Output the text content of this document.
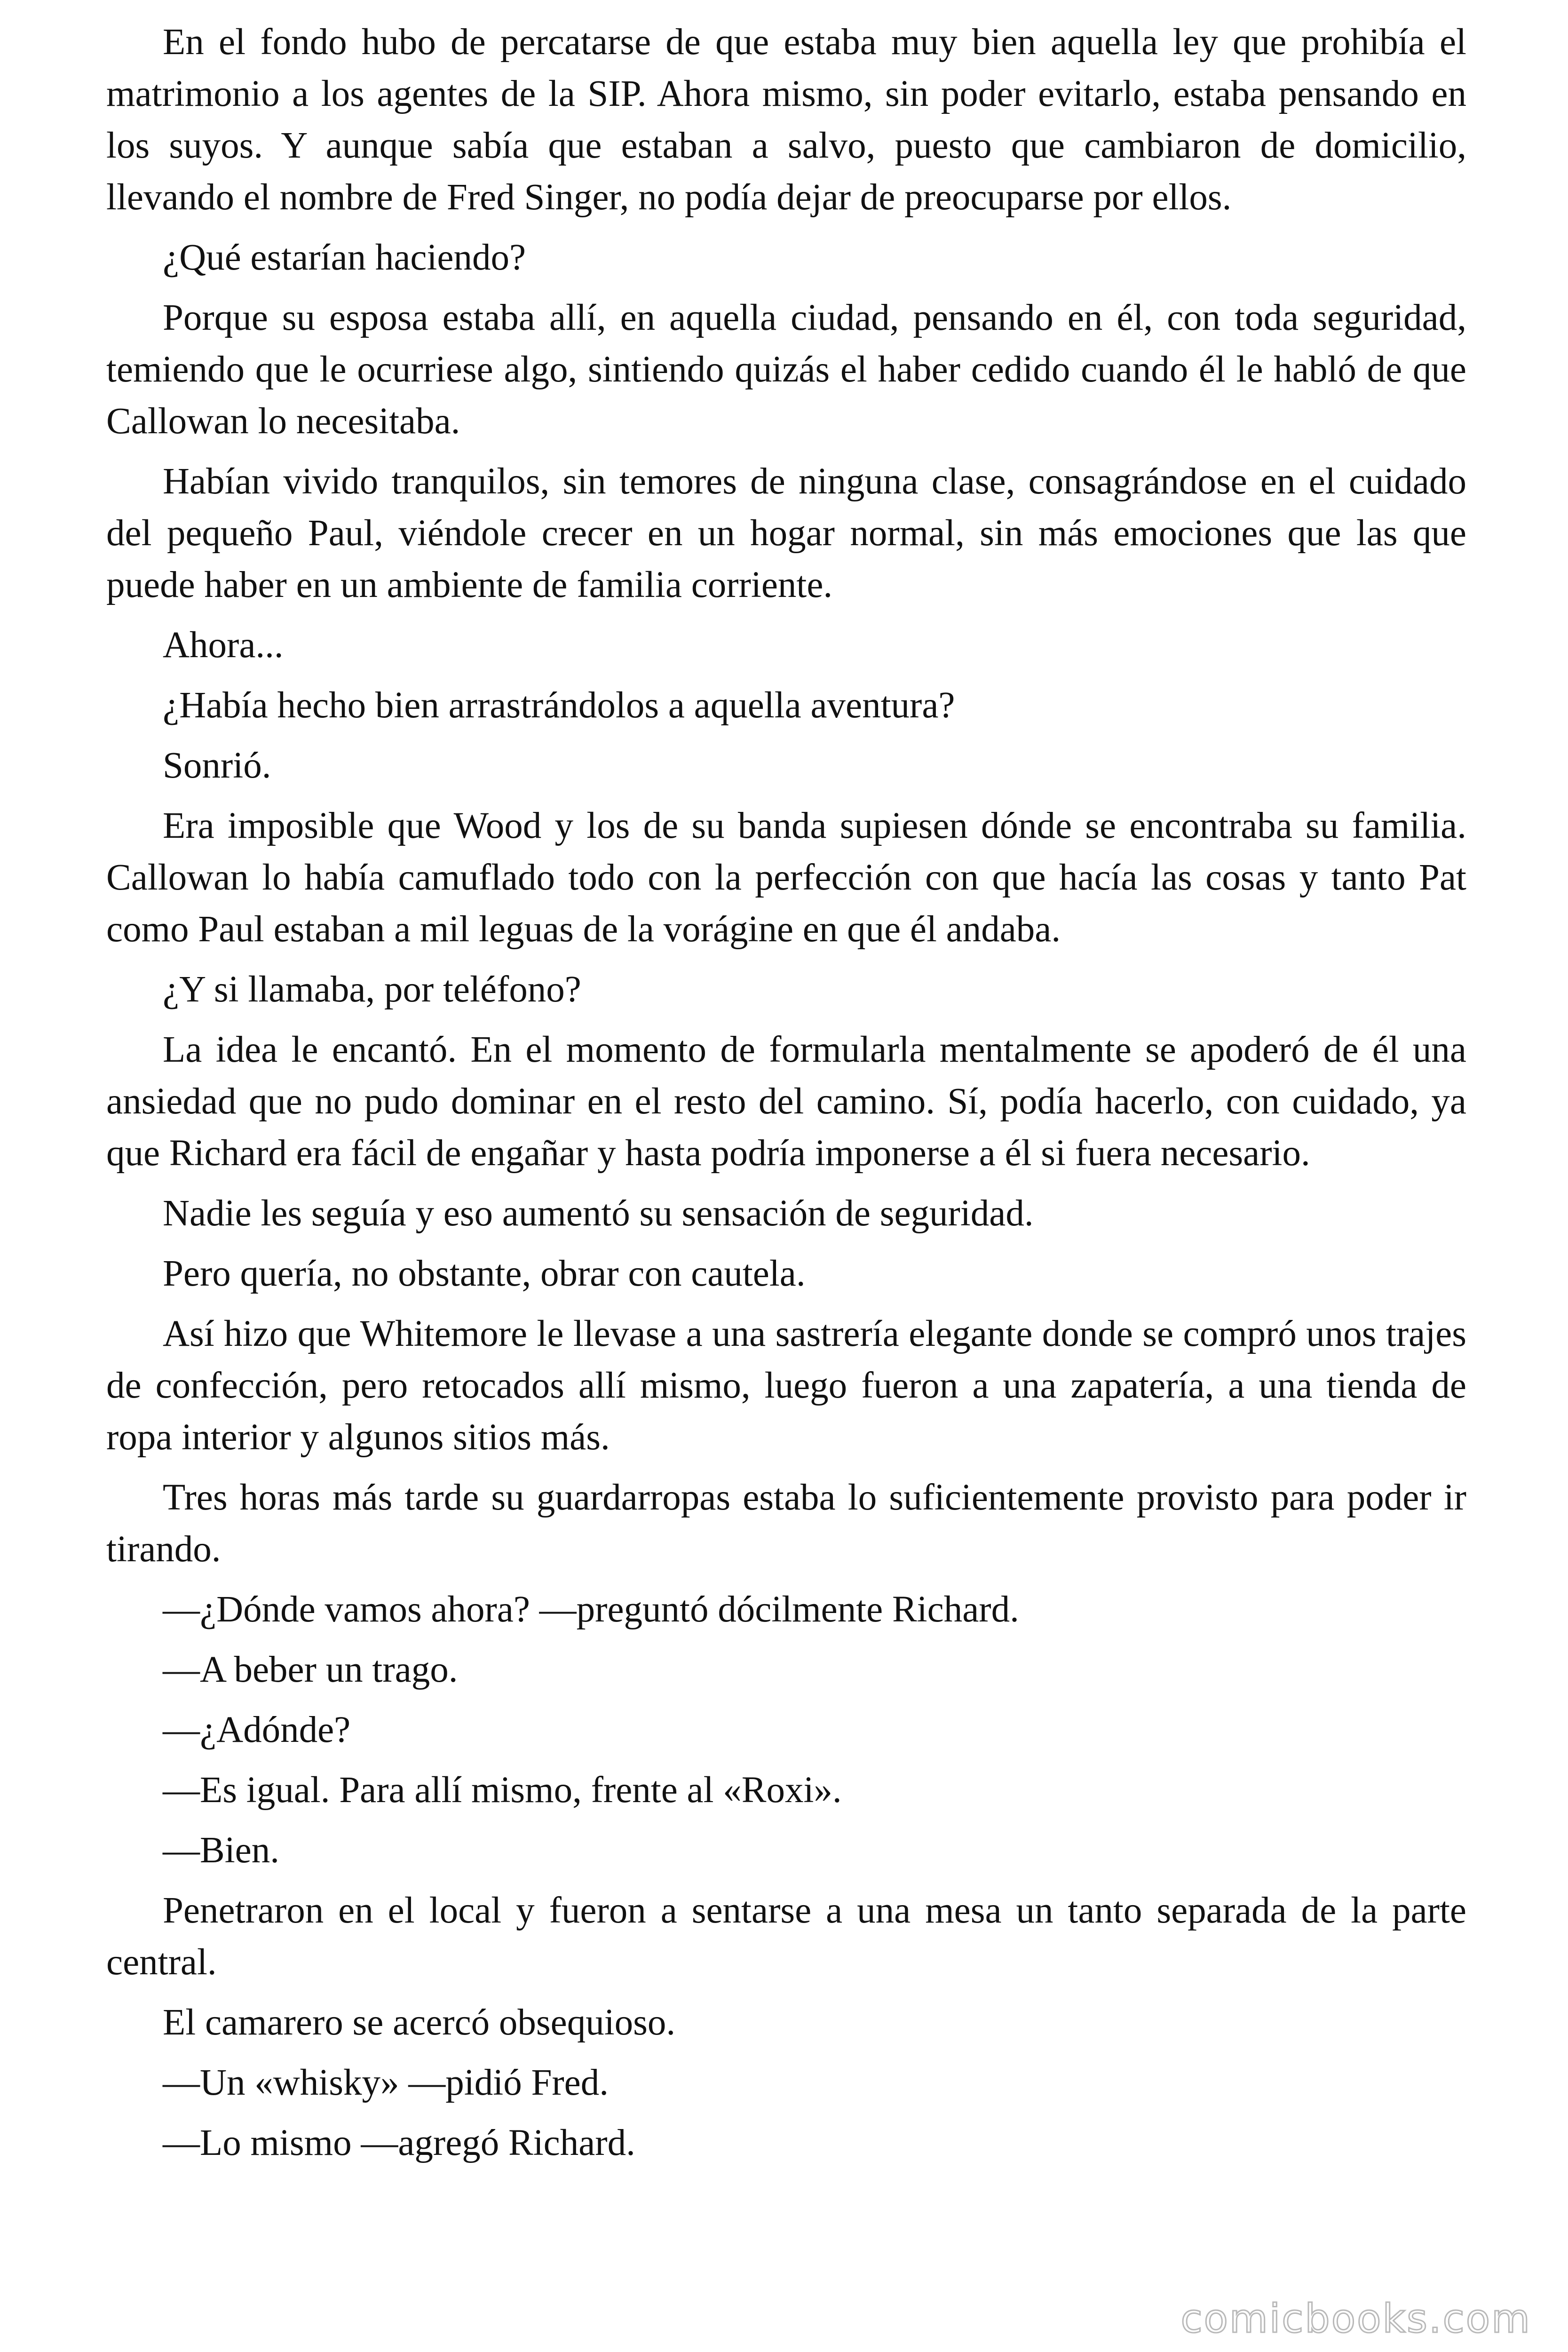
En el fondo hubo de percatarse de que estaba muy bien aquella ley que prohibía el matrimonio a los agentes de la SIP. Ahora mismo, sin poder evitarlo, estaba pensando en los suyos. Y aunque sabía que estaban a salvo, puesto que cambiaron de domicilio, llevando el nombre de Fred Singer, no podía dejar de preocuparse por ellos.

¿Qué estarían haciendo?

Porque su esposa estaba allí, en aquella ciudad, pensando en él, con toda seguridad, temiendo que le ocurriese algo, sintiendo quizás el haber cedido cuando él le habló de que Callowan lo necesitaba.

Habían vivido tranquilos, sin temores de ninguna clase, consagrándose en el cuidado del pequeño Paul, viéndole crecer en un hogar normal, sin más emociones que las que puede haber en un ambiente de familia corriente.

Ahora...

¿Había hecho bien arrastrándolos a aquella aventura?

Sonrió.

Era imposible que Wood y los de su banda supiesen dónde se encontraba su familia. Callowan lo había camuflado todo con la perfección con que hacía las cosas y tanto Pat como Paul estaban a mil leguas de la vorágine en que él andaba.

¿Y si llamaba, por teléfono?

La idea le encantó. En el momento de formularla mentalmente se apoderó de él una ansiedad que no pudo dominar en el resto del camino. Sí, podía hacerlo, con cuidado, ya que Richard era fácil de engañar y hasta podría imponerse a él si fuera necesario.

Nadie les seguía y eso aumentó su sensación de seguridad.

Pero quería, no obstante, obrar con cautela.

Así hizo que Whitemore le llevase a una sastrería elegante donde se compró unos trajes de confección, pero retocados allí mismo, luego fueron a una zapatería, a una tienda de ropa interior y algunos sitios más.

Tres horas más tarde su guardarropas estaba lo suficientemente provisto para poder ir tirando.

—¿Dónde vamos ahora? —preguntó dócilmente Richard.

—A beber un trago.

—¿Adónde?

—Es igual. Para allí mismo, frente al «Roxi».

—Bien.

Penetraron en el local y fueron a sentarse a una mesa un tanto separada de la parte central.

El camarero se acercó obsequioso.

—Un «whisky» —pidió Fred.

—Lo mismo —agregó Richard.

comicbooks.com
